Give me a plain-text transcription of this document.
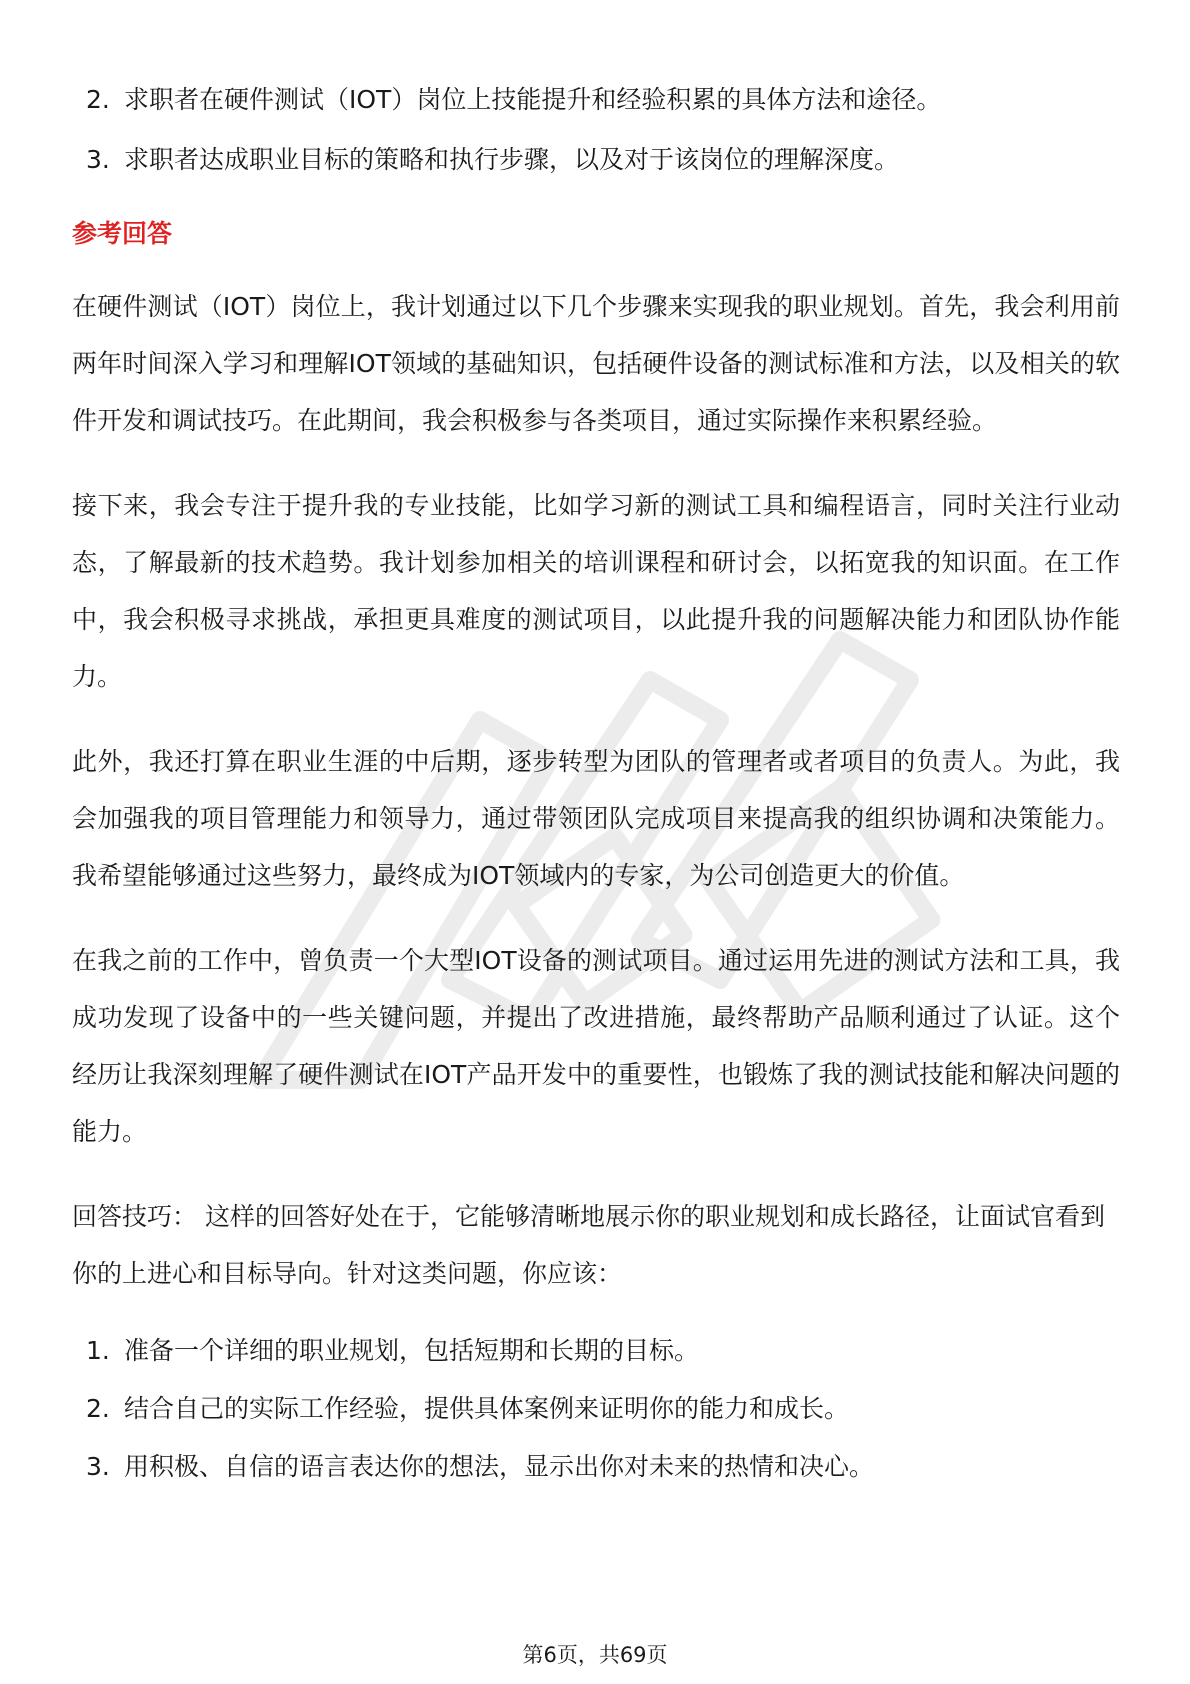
2. 求职者在硬件测试（IOT）岗位上技能提升和经验积累的具体方法和途径。
3. 求职者达成职业目标的策略和执行步骤，以及对于该岗位的理解深度。
参考回答

在硬件测试（IOT）岗位上，我计划通过以下几个步骤来实现我的职业规划。首先，我会利用前两年时间深入学习和理解IOT领域的基础知识，包括硬件设备的测试标准和方法，以及相关的软件开发和调试技巧。在此期间，我会积极参与各类项目，通过实际操作来积累经验。

接下来，我会专注于提升我的专业技能，比如学习新的测试工具和编程语言，同时关注行业动态，了解最新的技术趋势。我计划参加相关的培训课程和研讨会，以拓宽我的知识面。在工作中，我会积极寻求挑战，承担更具难度的测试项目，以此提升我的问题解决能力和团队协作能力。

此外，我还打算在职业生涯的中后期，逐步转型为团队的管理者或者项目的负责人。为此，我会加强我的项目管理能力和领导力，通过带领团队完成项目来提高我的组织协调和决策能力。我希望能够通过这些努力，最终成为IOT领域内的专家，为公司创造更大的价值。

在我之前的工作中，曾负责一个大型IOT设备的测试项目。通过运用先进的测试方法和工具，我成功发现了设备中的一些关键问题，并提出了改进措施，最终帮助产品顺利通过了认证。这个经历让我深刻理解了硬件测试在IOT产品开发中的重要性，也锻炼了我的测试技能和解决问题的能力。

回答技巧： 这样的回答好处在于，它能够清晰地展示你的职业规划和成长路径，让面试官看到你的上进心和目标导向。针对这类问题，你应该：

1. 准备一个详细的职业规划，包括短期和长期的目标。
2. 结合自己的实际工作经验，提供具体案例来证明你的能力和成长。
3. 用积极、自信的语言表达你的想法，显示出你对未来的热情和决心。
第6页，共69页
